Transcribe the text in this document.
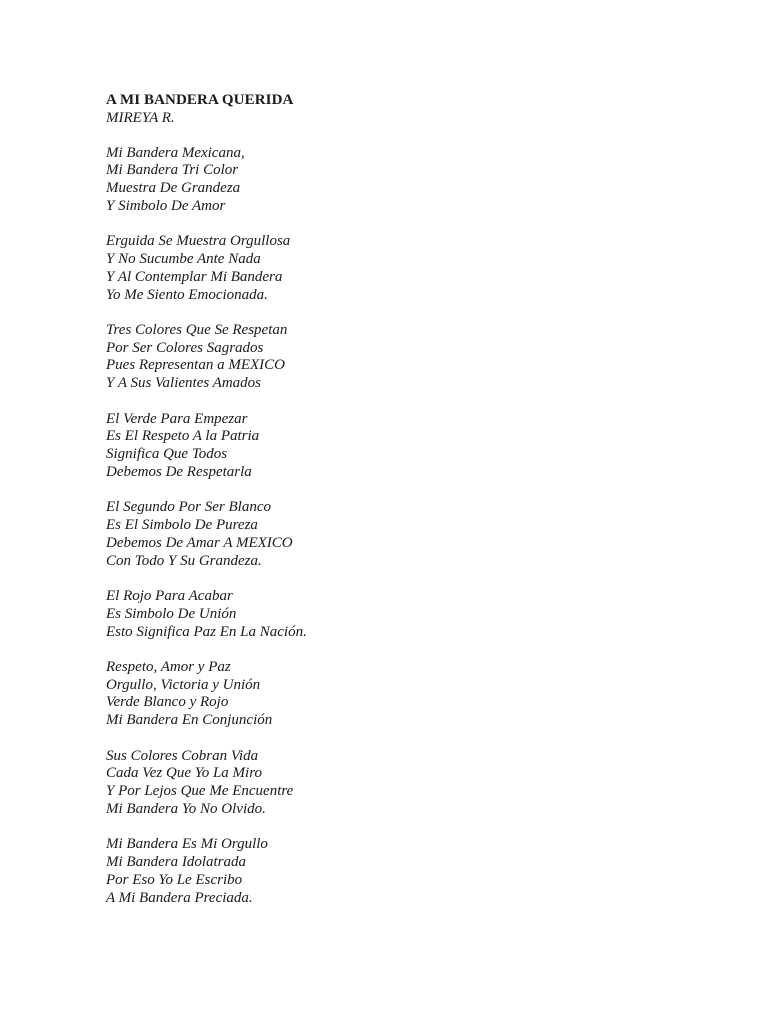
A MI BANDERA QUERIDA
MIREYA R.
Mi Bandera Mexicana,
Mi Bandera Tri Color
Muestra De Grandeza
Y Simbolo De Amor
Erguida Se Muestra Orgullosa
Y No Sucumbe Ante Nada
Y Al Contemplar Mi Bandera
Yo Me Siento Emocionada.
Tres Colores Que Se Respetan
Por Ser Colores Sagrados
Pues Representan a MEXICO
Y A Sus Valientes Amados
El Verde Para Empezar
Es El Respeto A la Patria
Significa Que Todos
Debemos De Respetarla
El Segundo Por Ser Blanco
Es El Simbolo De Pureza
Debemos De Amar A MEXICO
Con Todo Y Su Grandeza.
El Rojo Para Acabar
Es Simbolo De Unión
Esto Significa Paz En La Nación.
Respeto, Amor y Paz
Orgullo, Victoria y Unión
Verde Blanco y Rojo
Mi Bandera En Conjunción
Sus Colores Cobran Vida
Cada Vez Que Yo La Miro
Y Por Lejos Que Me Encuentre
Mi Bandera Yo No Olvido.
Mi Bandera Es Mi Orgullo
Mi Bandera Idolatrada
Por Eso Yo Le Escribo
A Mi Bandera Preciada.
